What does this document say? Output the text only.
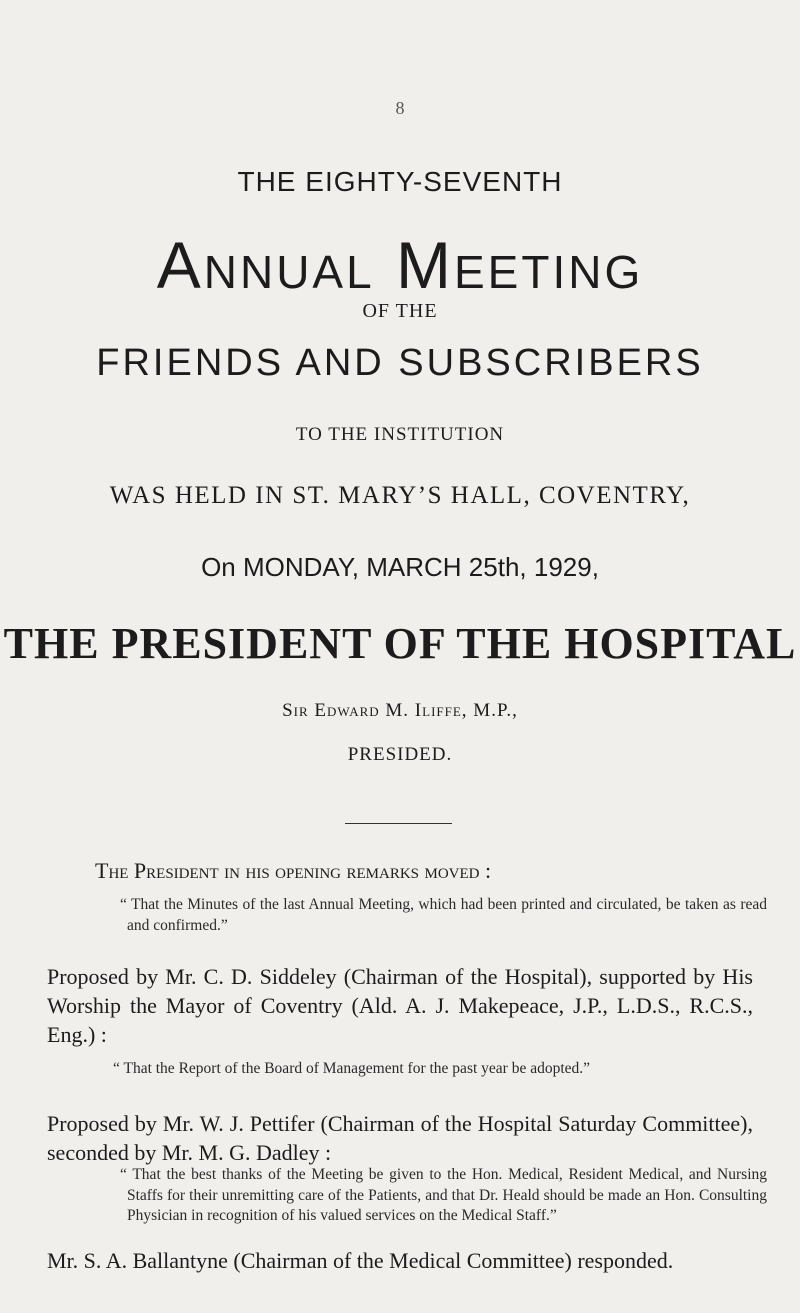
8
THE EIGHTY-SEVENTH
Annual Meeting
OF THE
FRIENDS AND SUBSCRIBERS
TO THE INSTITUTION
WAS HELD IN ST. MARY’S HALL, COVENTRY,
On MONDAY, MARCH 25th, 1929,
THE PRESIDENT OF THE HOSPITAL
Sir Edward M. Iliffe, M.P.,
PRESIDED.
The President in his opening remarks moved :
“ That the Minutes of the last Annual Meeting, which had been printed and circulated, be taken as read and confirmed.”
Proposed by Mr. C. D. Siddeley (Chairman of the Hospital), supported by His Worship the Mayor of Coventry (Ald. A. J. Makepeace, J.P., L.D.S., R.C.S., Eng.) :
“ That the Report of the Board of Management for the past year be adopted.”
Proposed by Mr. W. J. Pettifer (Chairman of the Hospital Saturday Committee), seconded by Mr. M. G. Dadley :
“ That the best thanks of the Meeting be given to the Hon. Medical, Resident Medical, and Nursing Staffs for their unremitting care of the Patients, and that Dr. Heald should be made an Hon. Consulting Physician in recognition of his valued services on the Medical Staff.”
Mr. S. A. Ballantyne (Chairman of the Medical Committee) responded.
